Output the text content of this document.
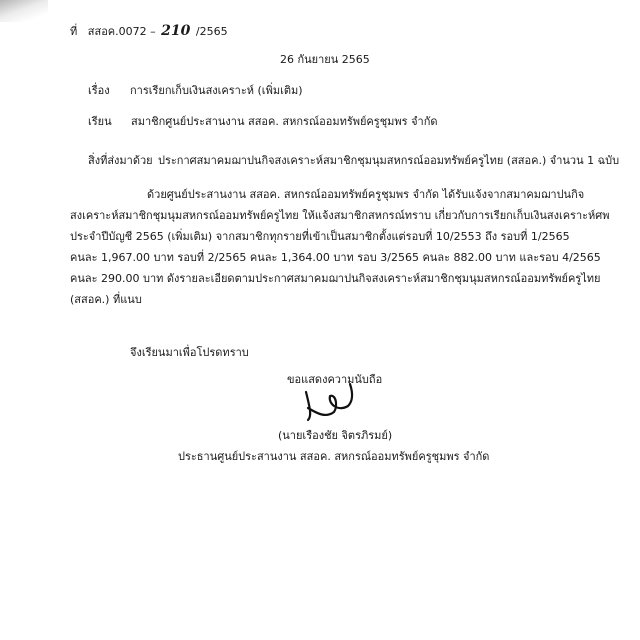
ที่ สสอค.0072 – 210 /2565
26 กันยายน 2565
เรื่อง การเรียกเก็บเงินสงเคราะห์ (เพิ่มเติม)
เรียน สมาชิกศูนย์ประสานงาน สสอค. สหกรณ์ออมทรัพย์ครูชุมพร จำกัด
สิ่งที่ส่งมาด้วย ประกาศสมาคมฌาปนกิจสงเคราะห์สมาชิกชุมนุมสหกรณ์ออมทรัพย์ครูไทย (สสอค.) จำนวน 1 ฉบับ
ด้วยศูนย์ประสานงาน สสอค. สหกรณ์ออมทรัพย์ครูชุมพร จำกัด ได้รับแจ้งจากสมาคมฌาปนกิจ
สงเคราะห์สมาชิกชุมนุมสหกรณ์ออมทรัพย์ครูไทย ให้แจ้งสมาชิกสหกรณ์ทราบ เกี่ยวกับการเรียกเก็บเงินสงเคราะห์ศพ
ประจำปีบัญชี 2565 (เพิ่มเติม) จากสมาชิกทุกรายที่เข้าเป็นสมาชิกตั้งแต่รอบที่ 10/2553 ถึง รอบที่ 1/2565
คนละ 1,967.00 บาท รอบที่ 2/2565 คนละ 1,364.00 บาท รอบ 3/2565 คนละ 882.00 บาท และรอบ 4/2565
คนละ 290.00 บาท ดังรายละเอียดตามประกาศสมาคมฌาปนกิจสงเคราะห์สมาชิกชุมนุมสหกรณ์ออมทรัพย์ครูไทย
(สสอค.) ที่แนบ
จึงเรียนมาเพื่อโปรดทราบ
ขอแสดงความนับถือ
(นายเรืองชัย จิตรภิรมย์)
ประธานศูนย์ประสานงาน สสอค. สหกรณ์ออมทรัพย์ครูชุมพร จำกัด
